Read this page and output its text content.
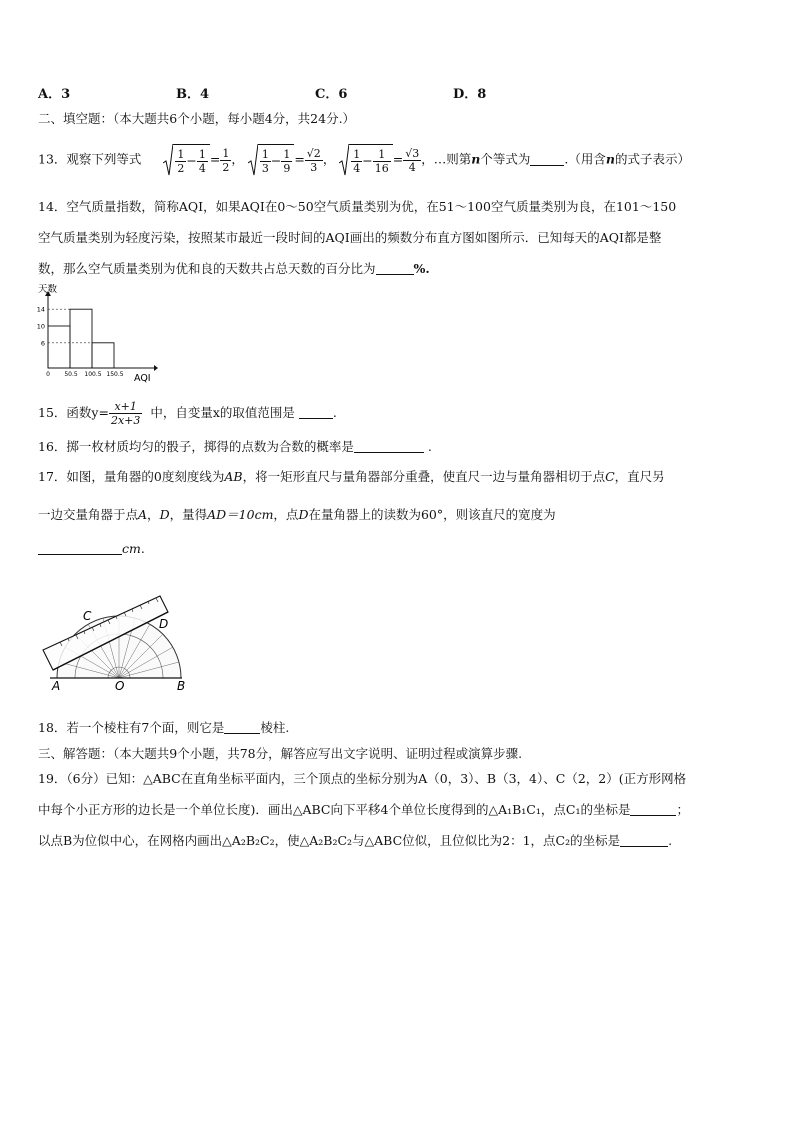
A．3	B．4	C．6	D．8
二、填空题：（本大题共6个小题，每小题4分，共24分.）
13．观察下列等式	$\frac{1}{2} - \frac{1}{4} = \frac{1}{2}$ ， $\frac{1}{3} - \frac{1}{9} = \frac{√2}{3}$ ， $\frac{1}{4} - \frac{1}{16} = \frac{√3}{4}$ ，…则第n个等式为	.（用含n的式子表示）
14．空气质量指数，简称AQI，如果AQI在0～50空气质量类别为优，在51～100空气质量类别为良，在101～150
空气质量类别为轻度污染，按照某市最近一段时间的AQI画出的频数分布直方图如图所示．已知每天的AQI都是整
数，那么空气质量类别为优和良的天数共占总天数的百分比为	%.
14
10
6
0 50.5 100.5 150.5
天数
AQI
15．函数$y= \frac{x+1}{2x+3}$ 中，自变量x的取值范围是	.
16．掷一枚材质均匀的骰子，掷得的点数为合数的概率是	.
17．如图，量角器的0度刻度线为AB，将一矩形直尺与量角器部分重叠，使直尺一边与量角器相切于点C，直尺另
一边交量角器于点A，D，量得AD＝10cm，点D在量角器上的读数为60°，则该直尺的宽度为
cm.
A	O	B
C
D
18．若一个棱柱有7个面，则它是	棱柱.
三、解答题：（本大题共9个小题，共78分，解答应写出文字说明、证明过程或演算步骤.
19．（6分）已知：△ABC在直角坐标平面内，三个顶点的坐标分别为A（0，3）、B（3，4）、C（2，2）(正方形网格
中每个小正方形的边长是一个单位长度)．画出△ABC向下平移4个单位长度得到的△A₁B₁C₁，点C₁的坐标是	；
以点B为位似中心，在网格内画出△A₂B₂C₂，使△A₂B₂C₂与△ABC位似，且位似比为2：1，点C₂的坐标是	.
